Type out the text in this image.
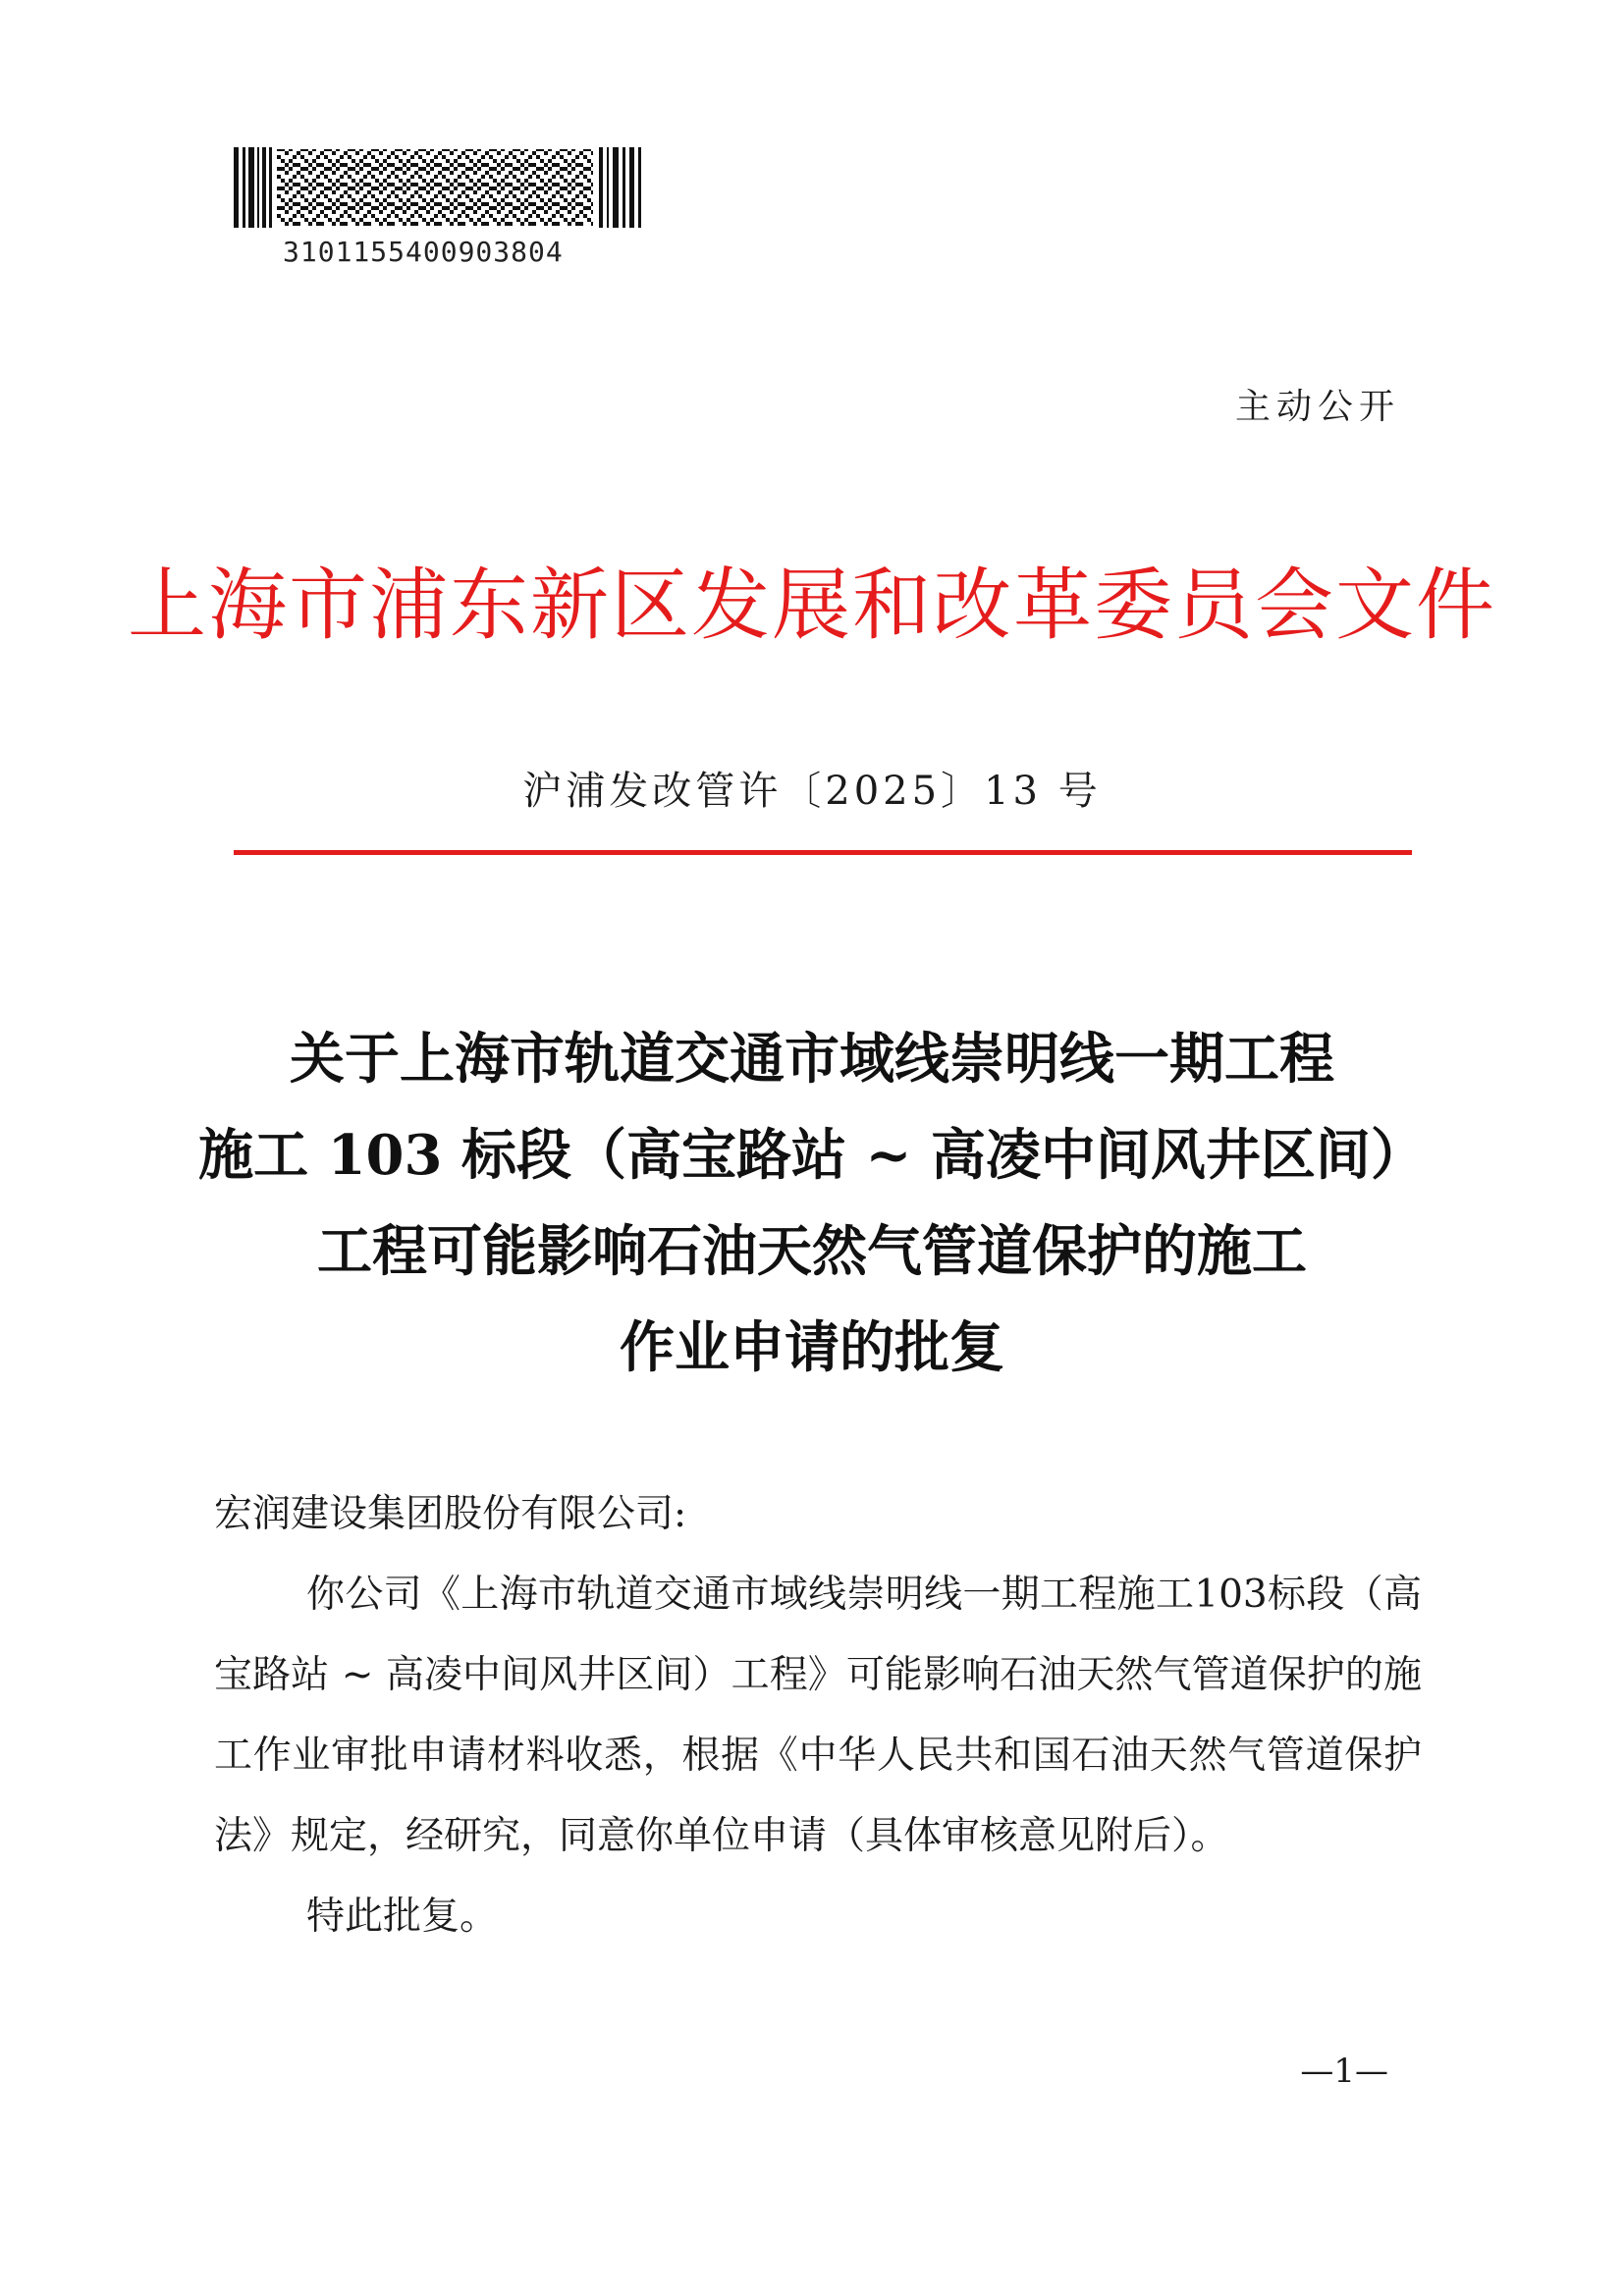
3101155400903804
主动公开
上海市浦东新区发展和改革委员会文件
沪浦发改管许〔2025〕13 号
关于上海市轨道交通市域线崇明线一期工程
施工 103 标段（高宝路站 ~ 高凌中间风井区间）
工程可能影响石油天然气管道保护的施工
作业申请的批复

宏润建设集团股份有限公司:

你公司《上海市轨道交通市域线崇明线一期工程施工103标段（高宝路站 ~ 高凌中间风井区间）工程》可能影响石油天然气管道保护的施工作业审批申请材料收悉，根据《中华人民共和国石油天然气管道保护法》规定，经研究，同意你单位申请（具体审核意见附后）。

特此批复。

—1—
